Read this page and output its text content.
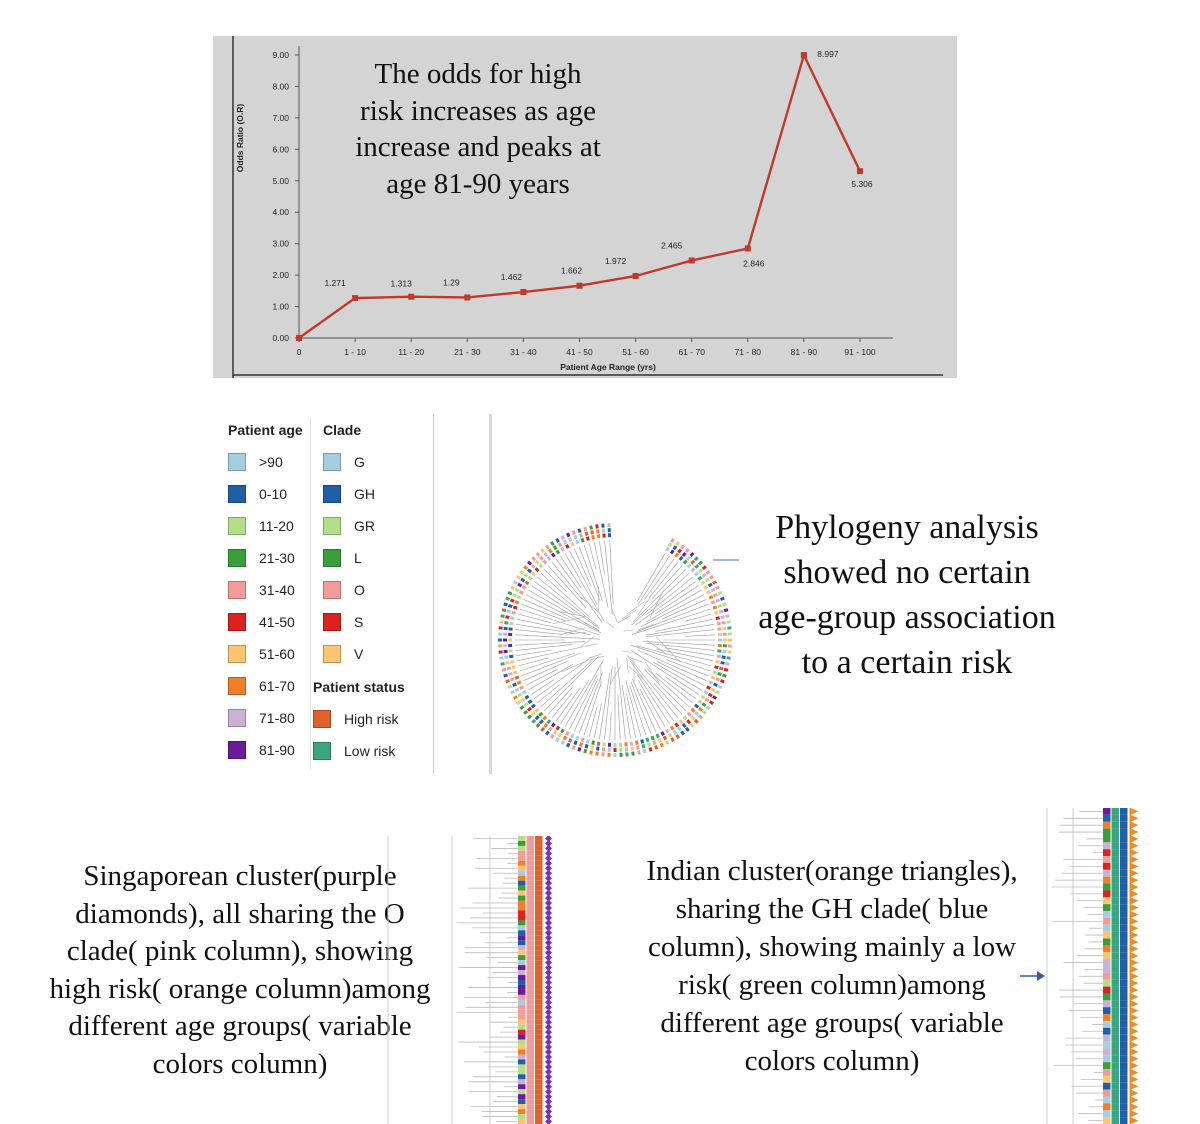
0.00
1.00
2.00
3.00
4.00
5.00
6.00
7.00
8.00
9.00
0	1 - 10	11 - 20	21 - 30	31 - 40	41 - 50	51 - 60	61 - 70	71 - 80	81 - 90	91 - 100
1.271	1.313	1.29
1.462
1.662
1.972
2.465
2.846
8.997
5.306
Odds Ratio (O.R)
Patient Age Range (yrs)
The odds for high risk increases as age increase and peaks at age 81-90 years
Patient age Clade
Patient status
>90
0-10
11-20
21-30
31-40
41-50
51-60
61-70
71-80
81-90
G
GH
GR
L
O
S
V
High risk
Low risk
Phylogeny analysis showed no certain age-group association to a certain risk
Singaporean cluster(purple diamonds), all sharing the O clade( pink column), showing high risk( orange column)among different age groups( variable colors column)
Indian cluster(orange triangles), sharing the GH clade( blue column), showing mainly a low risk( green column)among different age groups( variable colors column)
